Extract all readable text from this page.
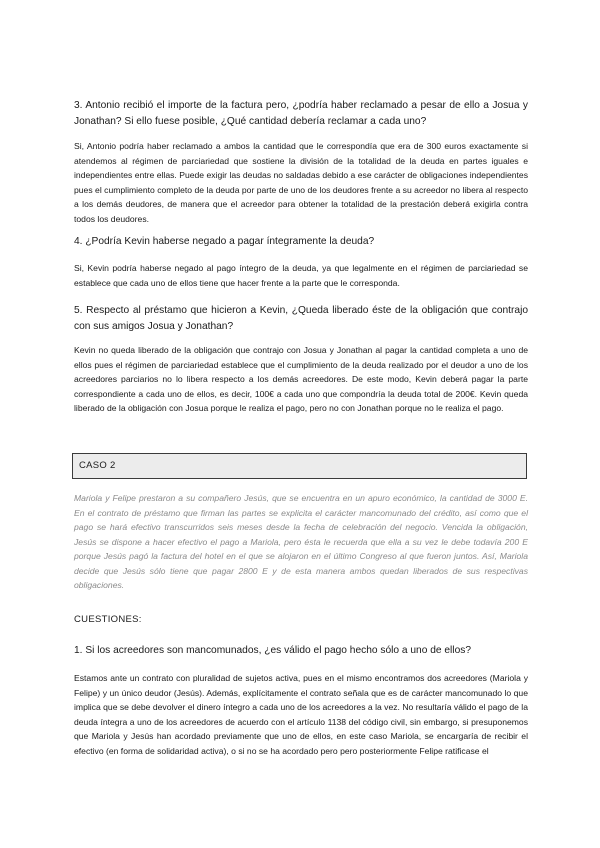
3. Antonio recibió el importe de la factura pero, ¿podría haber reclamado a pesar de ello a Josua y Jonathan? Si ello fuese posible, ¿Qué cantidad debería reclamar a cada uno?

Si, Antonio podría haber reclamado a ambos la cantidad que le correspondía que era de 300 euros exactamente si atendemos al régimen de parciariedad que sostiene la división de la totalidad de la deuda en partes iguales e independientes entre ellas. Puede exigir las deudas no saldadas debido a ese carácter de obligaciones independientes pues el cumplimiento completo de la deuda por parte de uno de los deudores frente a su acreedor no libera al respecto a los demás deudores, de manera que el acreedor para obtener la totalidad de la prestación deberá exigirla contra todos los deudores.

4. ¿Podría Kevin haberse negado a pagar íntegramente la deuda?

Si, Kevin podría haberse negado al pago íntegro de la deuda, ya que legalmente en el régimen de parciariedad se establece que cada uno de ellos tiene que hacer frente a la parte que le corresponda.

5. Respecto al préstamo que hicieron a Kevin, ¿Queda liberado éste de la obligación que contrajo con sus amigos Josua y Jonathan?

Kevin no queda liberado de la obligación que contrajo con Josua y Jonathan al pagar la cantidad completa a uno de ellos pues el régimen de parciariedad establece que el cumplimiento de la deuda realizado por el deudor a uno de los acreedores parciarios no lo libera respecto a los demás acreedores. De este modo, Kevin deberá pagar la parte correspondiente a cada uno de ellos, es decir, 100€ a cada uno que compondría la deuda total de 200€. Kevin queda liberado de la obligación con Josua porque le realiza el pago, pero no con Jonathan porque no le realiza el pago.

CASO 2

Mariola y Felipe prestaron a su compañero Jesús, que se encuentra en un apuro económico, la cantidad de 3000 E. En el contrato de préstamo que firman las partes se explicita el carácter mancomunado del crédito, así como que el pago se hará efectivo transcurridos seis meses desde la fecha de celebración del negocio. Vencida la obligación, Jesús se dispone a hacer efectivo el pago a Mariola, pero ésta le recuerda que ella a su vez le debe todavía 200 E porque Jesús pagó la factura del hotel en el que se alojaron en el último Congreso al que fueron juntos. Así, Mariola decide que Jesús sólo tiene que pagar 2800 E y de esta manera ambos quedan liberados de sus respectivas obligaciones.

CUESTIONES:

1. Si los acreedores son mancomunados, ¿es válido el pago hecho sólo a uno de ellos?

Estamos ante un contrato con pluralidad de sujetos activa, pues en el mismo encontramos dos acreedores (Mariola y Felipe) y un único deudor (Jesús). Además, explícitamente el contrato señala que es de carácter mancomunado lo que implica que se debe devolver el dinero íntegro a cada uno de los acreedores a la vez. No resultaría válido el pago de la deuda íntegra a uno de los acreedores de acuerdo con el artículo 1138 del código civil, sin embargo, si presuponemos que Mariola y Jesús han acordado previamente que uno de ellos, en este caso Mariola, se encargaría de recibir el efectivo (en forma de solidaridad activa), o si no se ha acordado pero pero posteriormente Felipe ratificase el
